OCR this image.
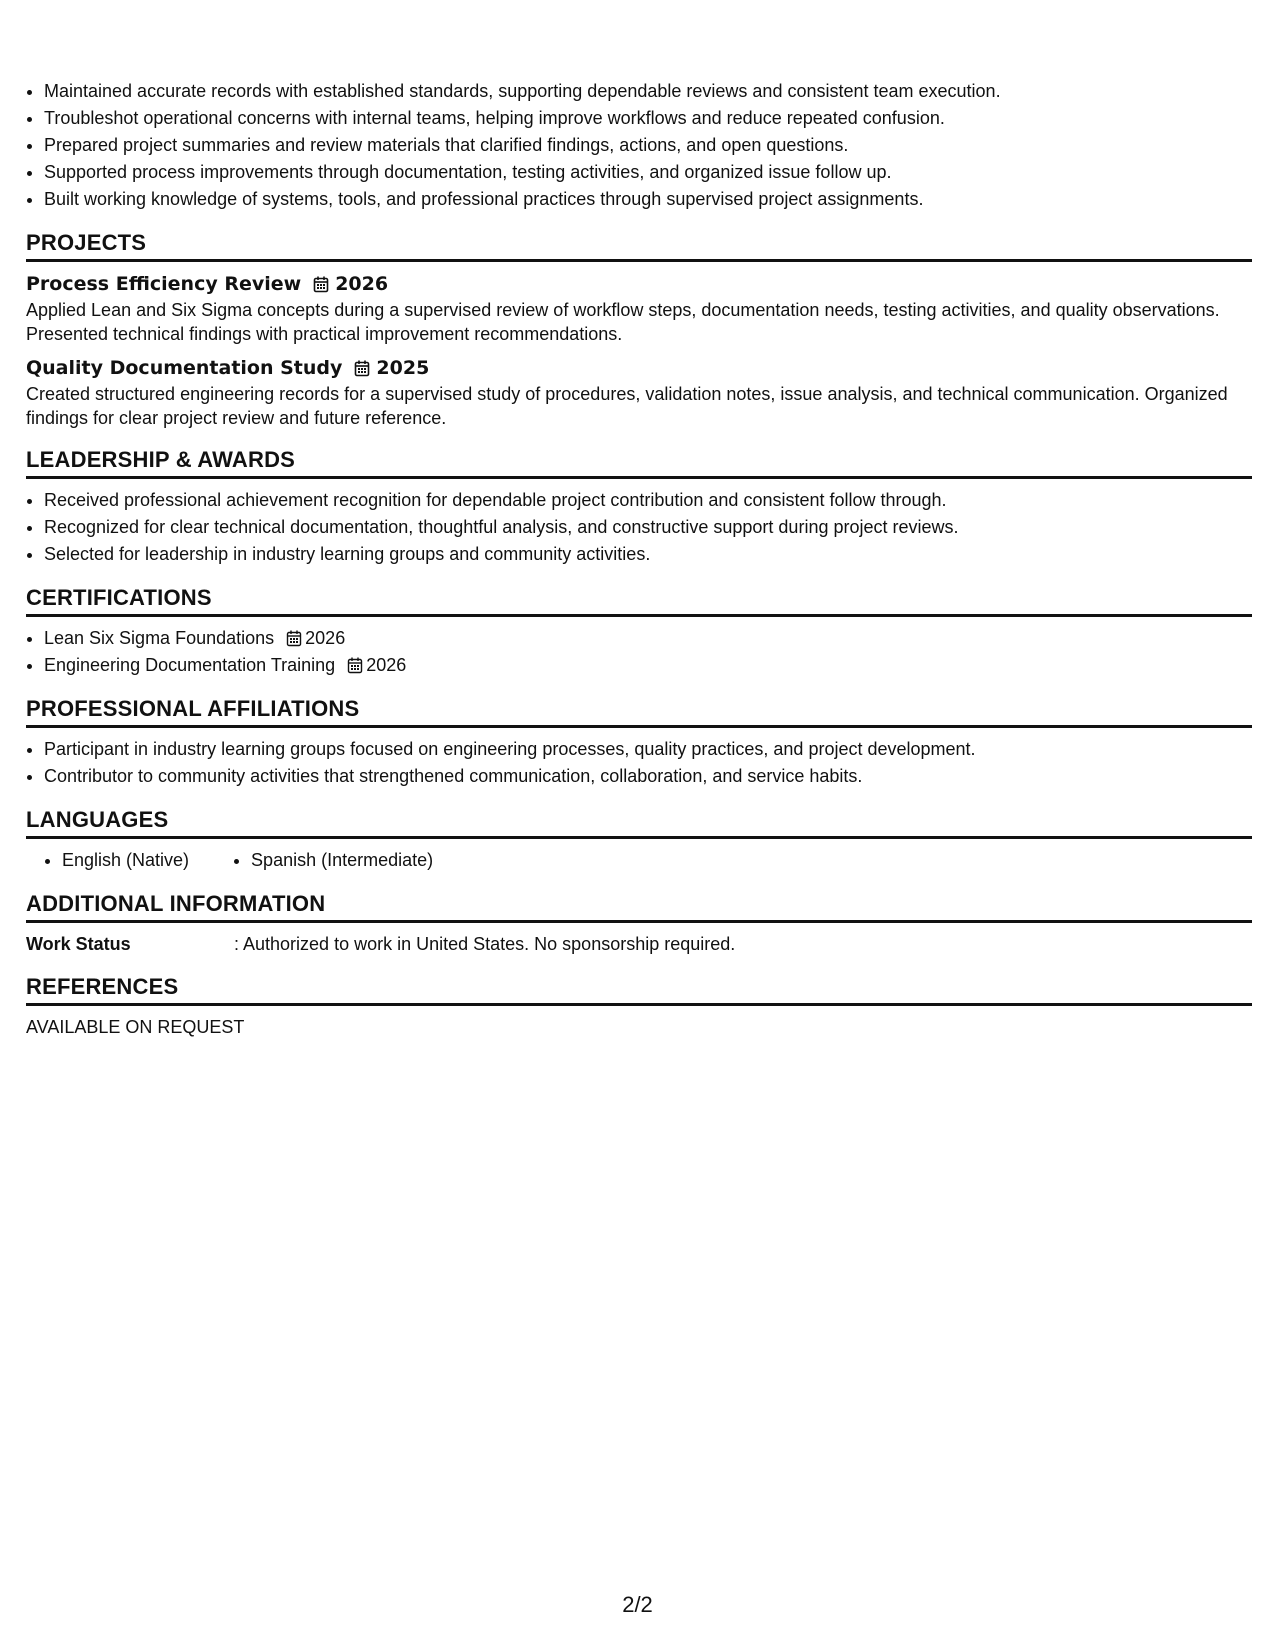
• Maintained accurate records with established standards, supporting dependable reviews and consistent team execution.
• Troubleshot operational concerns with internal teams, helping improve workflows and reduce repeated confusion.
• Prepared project summaries and review materials that clarified findings, actions, and open questions.
• Supported process improvements through documentation, testing activities, and organized issue follow up.
• Built working knowledge of systems, tools, and professional practices through supervised project assignments.
PROJECTS
Process Efficiency Review 2026
Applied Lean and Six Sigma concepts during a supervised review of workflow steps, documentation needs, testing activities, and quality observations. Presented technical findings with practical improvement recommendations.
Quality Documentation Study 2025
Created structured engineering records for a supervised study of procedures, validation notes, issue analysis, and technical communication. Organized findings for clear project review and future reference.
LEADERSHIP & AWARDS
• Received professional achievement recognition for dependable project contribution and consistent follow through.
• Recognized for clear technical documentation, thoughtful analysis, and constructive support during project reviews.
• Selected for leadership in industry learning groups and community activities.
CERTIFICATIONS
• Lean Six Sigma Foundations 2026
• Engineering Documentation Training 2026
PROFESSIONAL AFFILIATIONS
• Participant in industry learning groups focused on engineering processes, quality practices, and project development.
• Contributor to community activities that strengthened communication, collaboration, and service habits.
LANGUAGES
• English (Native)
•	Spanish (Intermediate)
ADDITIONAL INFORMATION
Work Status	: Authorized to work in United States. No sponsorship required.
REFERENCES
AVAILABLE ON REQUEST
2/2
